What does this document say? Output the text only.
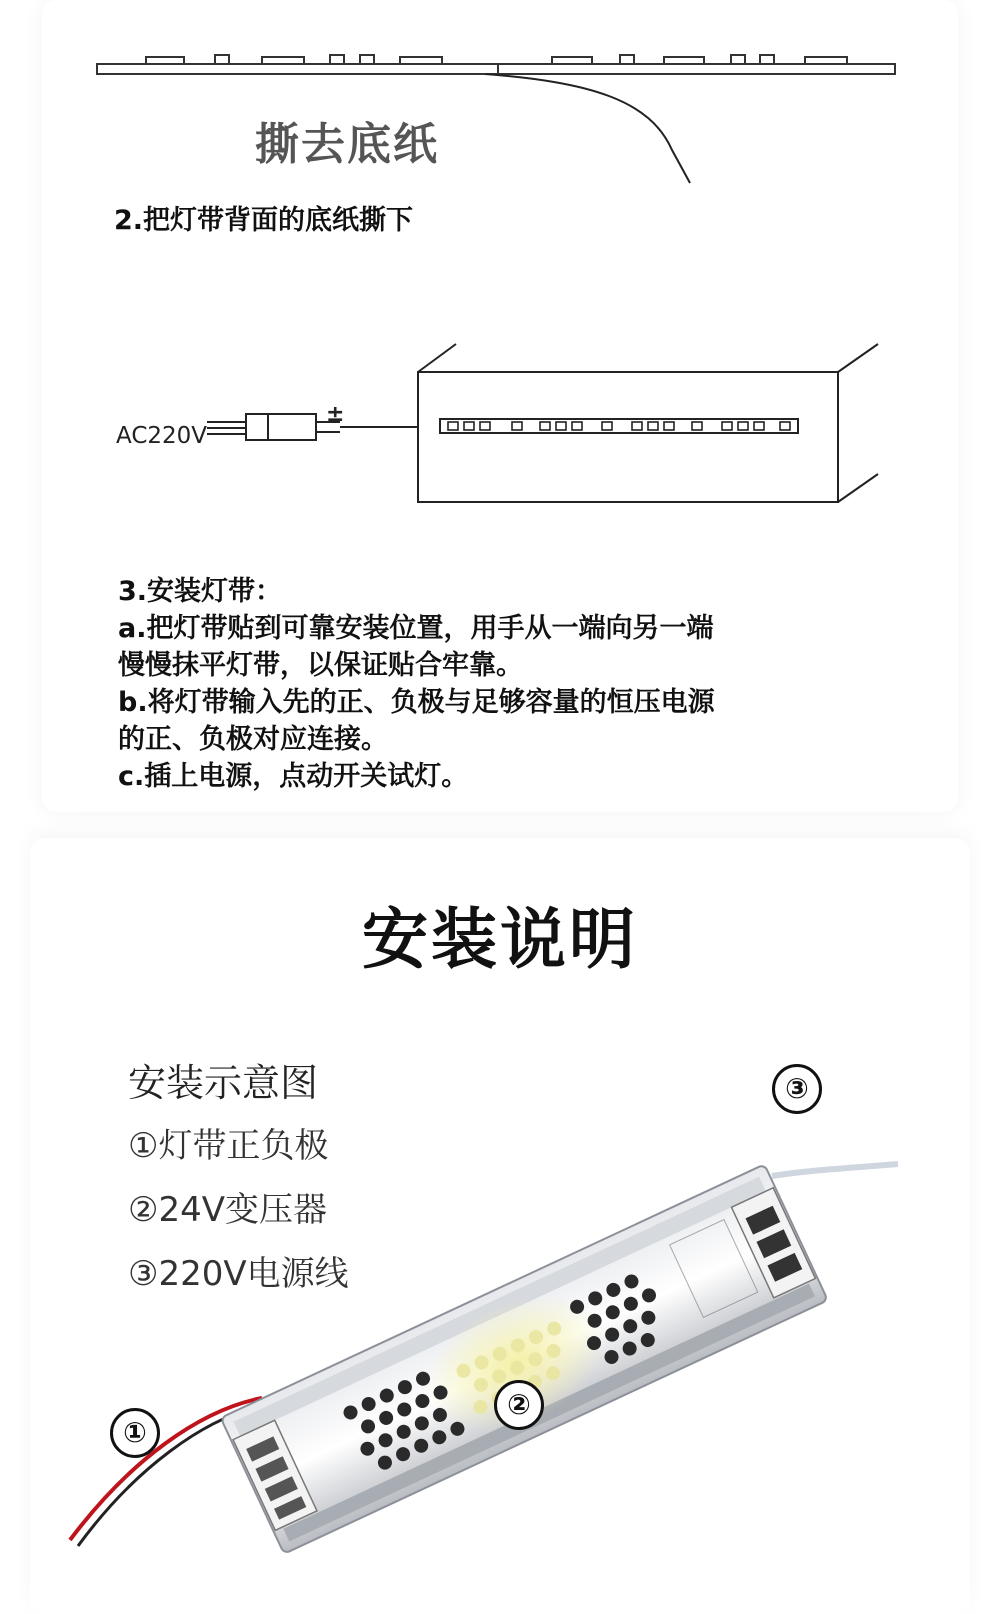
撕去底纸
2.把灯带背面的底纸撕下
AC220V
±
3.安装灯带：
a.把灯带贴到可靠安装位置，用手从一端向另一端
慢慢抹平灯带，以保证贴合牢靠。
b.将灯带输入先的正、负极与足够容量的恒压电源
的正、负极对应连接。
c.插上电源，点动开关试灯。
安装说明
安装示意图
①灯带正负极
②24V变压器
③220V电源线
③
②
①
